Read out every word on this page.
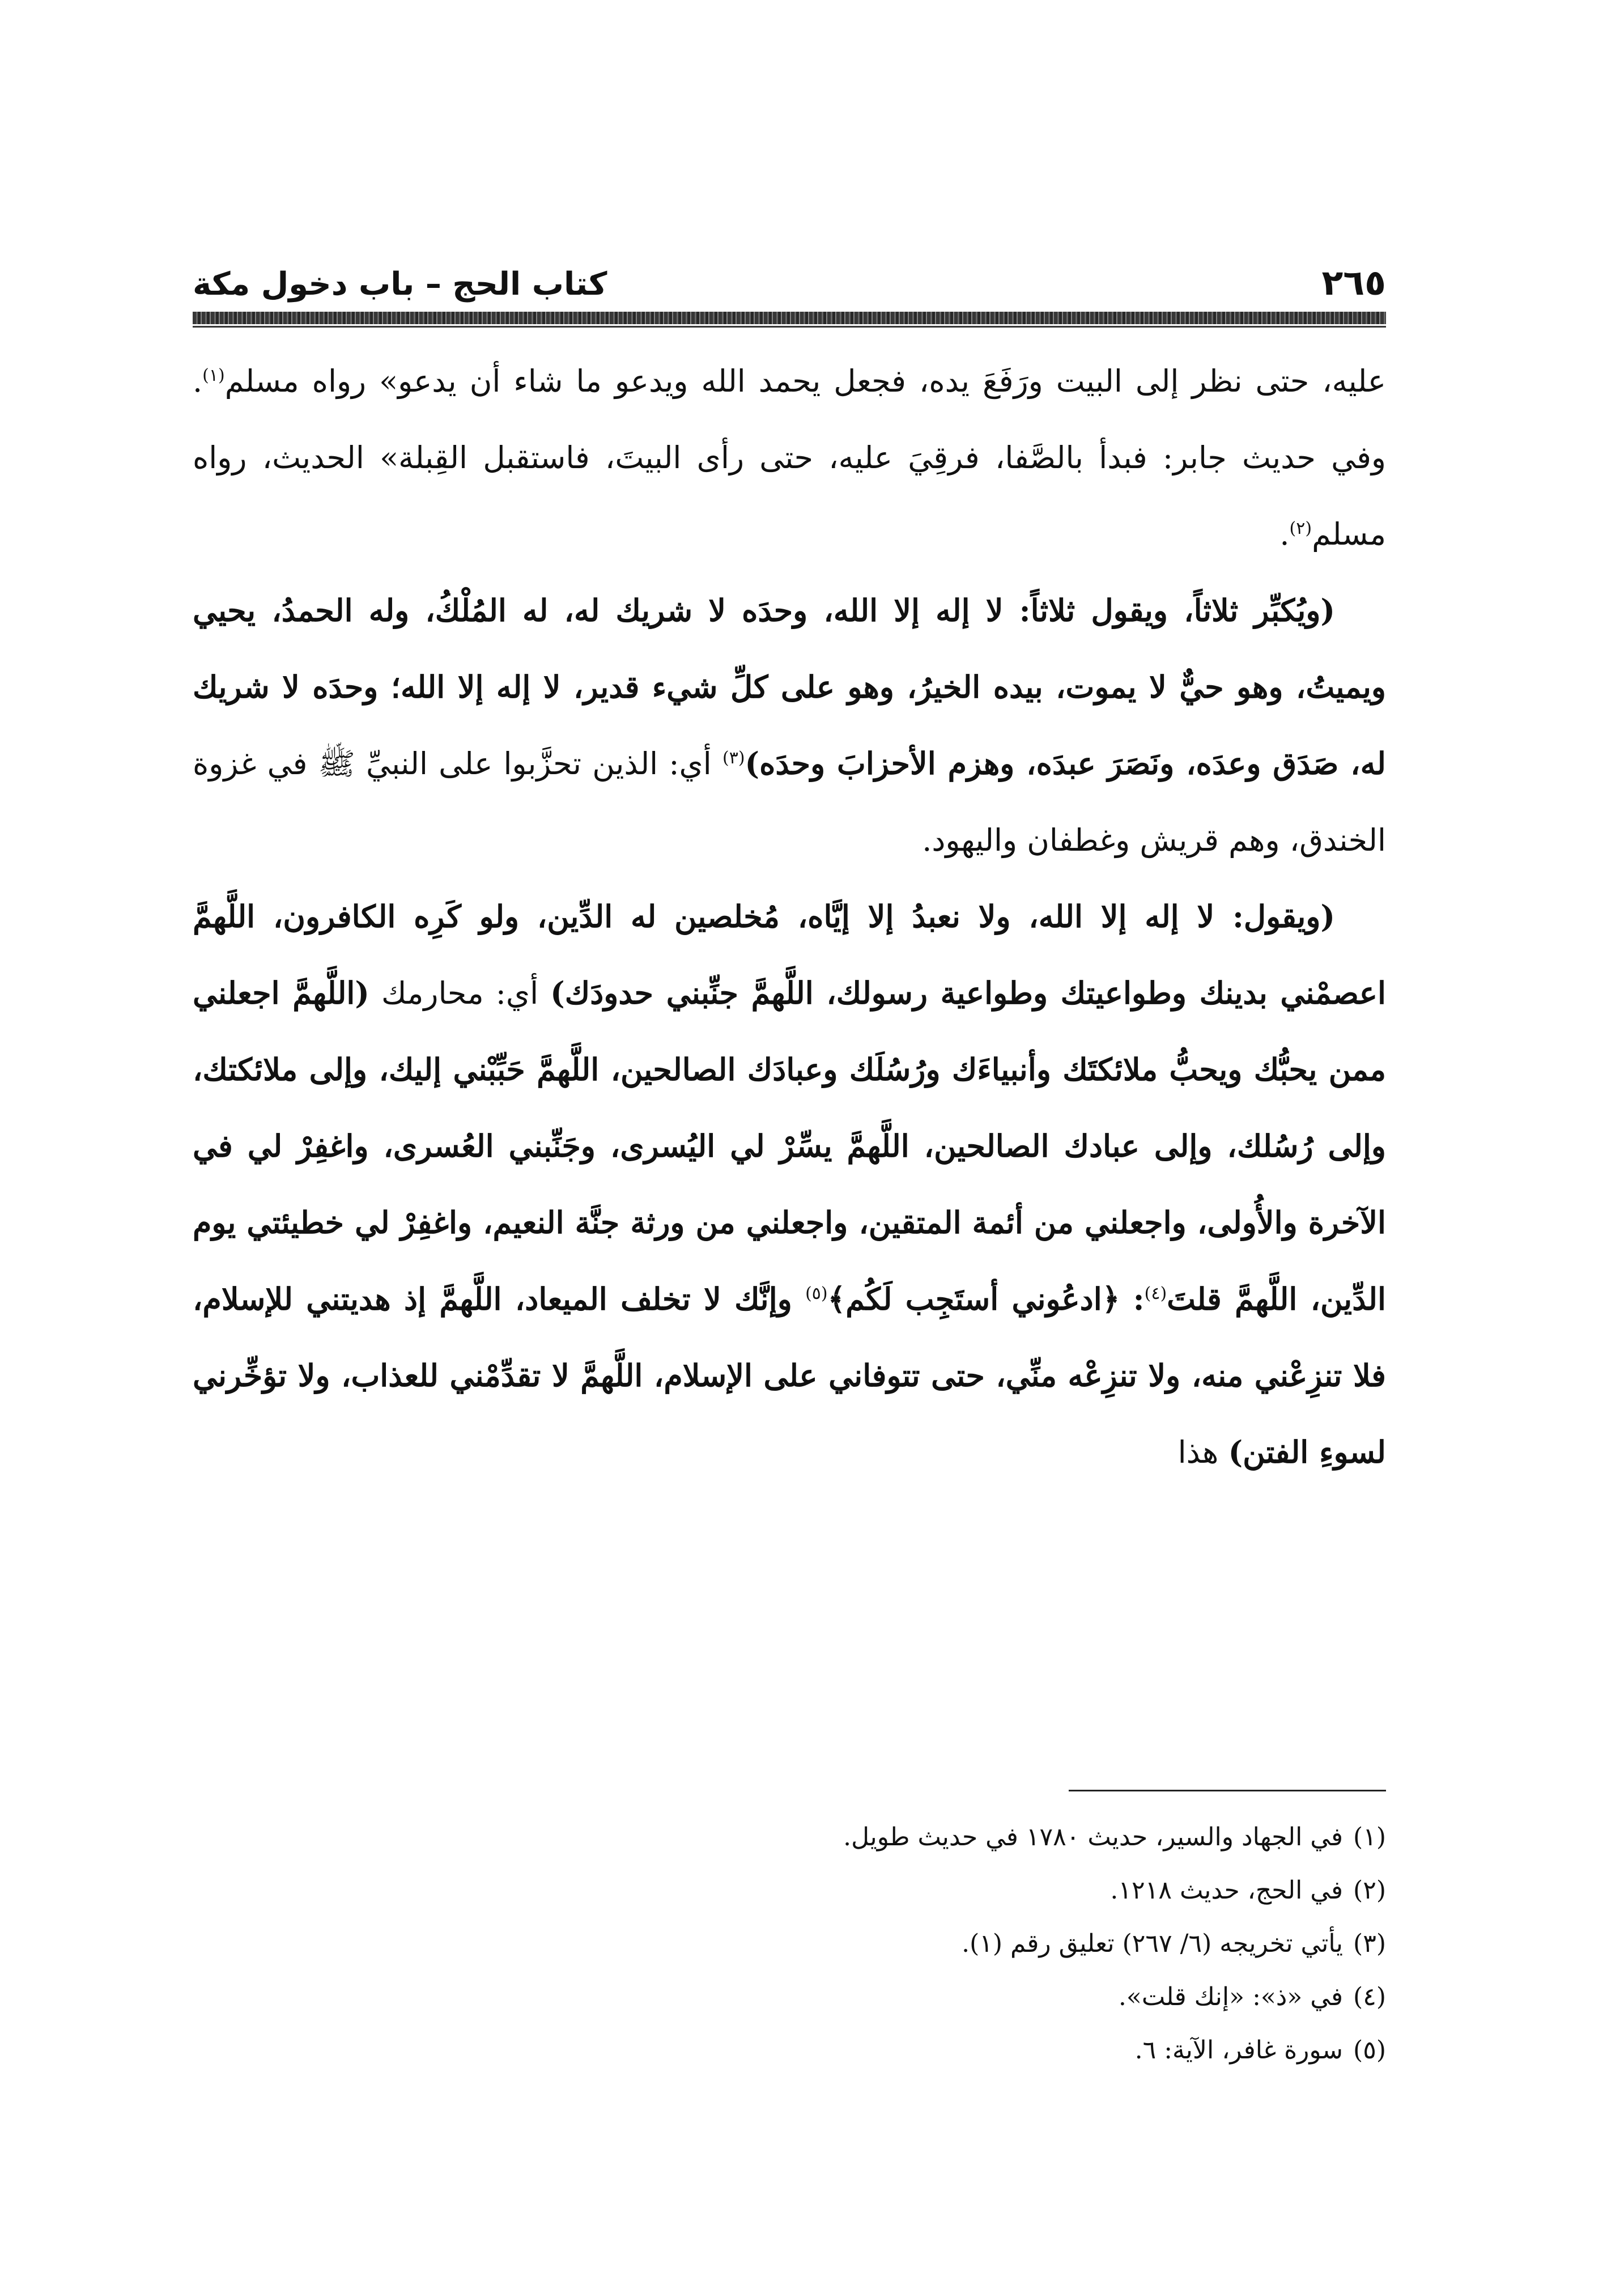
٢٦٥
كتاب الحج – باب دخول مكة

عليه، حتى نظر إلى البيت ورَفَعَ يده، فجعل يحمد الله ويدعو ما شاء أن يدعو» رواه مسلم$^{(١)}$. وفي حديث جابر: فبدأ بالصَّفا، فرقِيَ عليه، حتى رأى البيتَ، فاستقبل القِبلة» الحديث، رواه مسلم$^{(٢)}$.

(ويُكبِّر ثلاثاً، ويقول ثلاثاً: لا إله إلا الله، وحدَه لا شريك له، له المُلْكُ، وله الحمدُ، يحيي ويميتُ، وهو حيٌّ لا يموت، بيده الخيرُ، وهو على كلِّ شيء قدير، لا إله إلا الله؛ وحدَه لا شريك له، صَدَق وعدَه، ونَصَرَ عبدَه، وهزم الأحزابَ وحدَه)$^{(٣)}$ أي: الذين تحزَّبوا على النبيِّ ﷺ في غزوة الخندق، وهم قريش وغطفان واليهود.

(ويقول: لا إله إلا الله، ولا نعبدُ إلا إيَّاه، مُخلصين له الدِّين، ولو كَرِه الكافرون، اللَّهمَّ اعصمْني بدينك وطواعيتك وطواعية رسولك، اللَّهمَّ جنِّبني حدودَك) أي: محارمك (اللَّهمَّ اجعلني ممن يحبُّك ويحبُّ ملائكتَك وأنبياءَك ورُسُلَك وعبادَك الصالحين، اللَّهمَّ حَبِّبْني إليك، وإلى ملائكتك، وإلى رُسُلك، وإلى عبادك الصالحين، اللَّهمَّ يسِّرْ لي اليُسرى، وجَنِّبني العُسرى، واغفِرْ لي في الآخرة والأُولى، واجعلني من أئمة المتقين، واجعلني من ورثة جنَّة النعيم، واغفِرْ لي خطيئتي يوم الدِّين، اللَّهمَّ قلتَ$^{(٤)}$: ﴿ادعُوني أستَجِب لَكُم﴾$^{(٥)}$ وإنَّك لا تخلف الميعاد، اللَّهمَّ إذ هديتني للإسلام، فلا تنزِعْني منه، ولا تنزِعْه منِّي، حتى تتوفاني على الإسلام، اللَّهمَّ لا تقدِّمْني للعذاب، ولا تؤخِّرني لسوءِ الفتن) هذا

(١)في الجهاد والسير، حديث ١٧٨٠ في حديث طويل.
(٢)في الحج، حديث ١٢١٨.
(٣)يأتي تخريجه (٦/ ٢٦٧) تعليق رقم (١).
(٤)في «ذ»: «إنك قلت».
(٥)سورة غافر، الآية: ٦.
